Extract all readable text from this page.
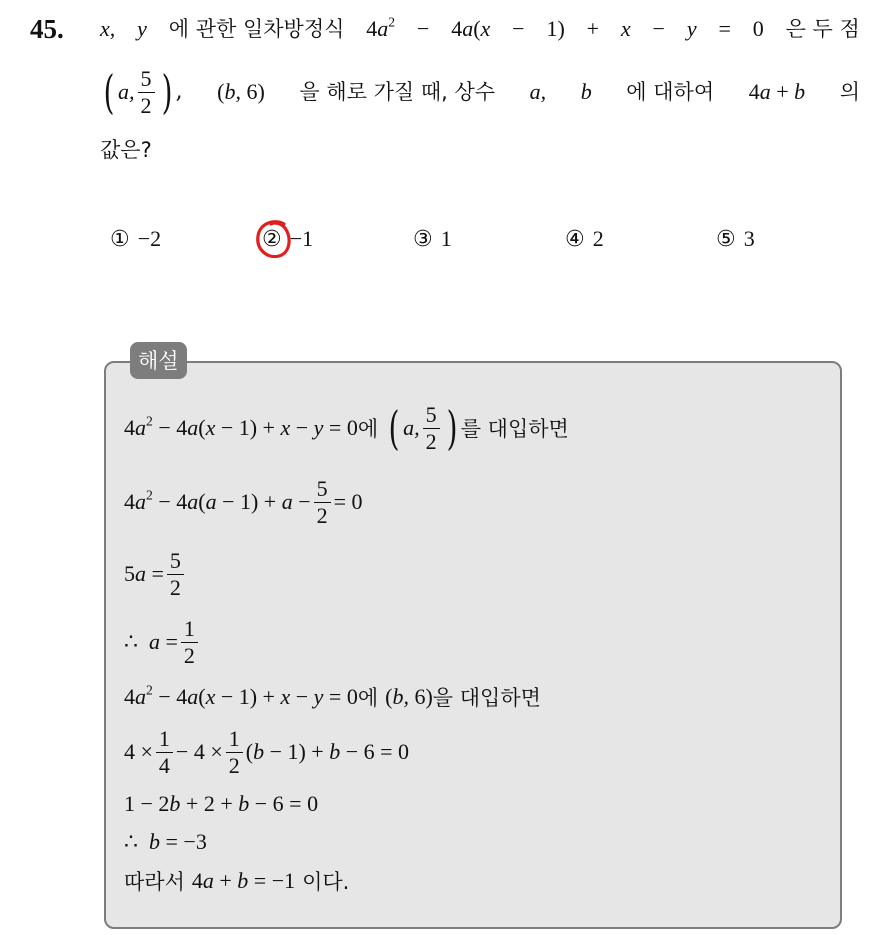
45. x, y 에 관한 일차방정식 $4a^2 - 4a(x - 1) + x - y = 0$ 은 두 점
( a, $\frac{5}{2}$ ) , (b, 6) 을 해로 가질 때, 상수 a, b 에 대하여 4a + b 의
값은?
① −2	② −1	③ 1	④ 2	⑤ 3
해설
$4a^2 - 4a(x - 1) + x - y = 0$ 에
( a, $\frac{5}{2}$ ) 를 대입하면
$4a^2 - 4a(a - 1) + a - \frac{5}{2} = 0$
$5a = \frac{5}{2}$
∴  $a = \frac{1}{2}$
$4a^2 - 4a(x - 1) + x - y = 0$ 에
(b, 6) 을 대입하면
$4 \times \frac{1}{4} - 4 \times \frac{1}{2} (b - 1) + b - 6 = 0$
1 − 2b + 2 + b − 6 = 0
∴  b = −3
따라서
4a + b = −1
이다.
